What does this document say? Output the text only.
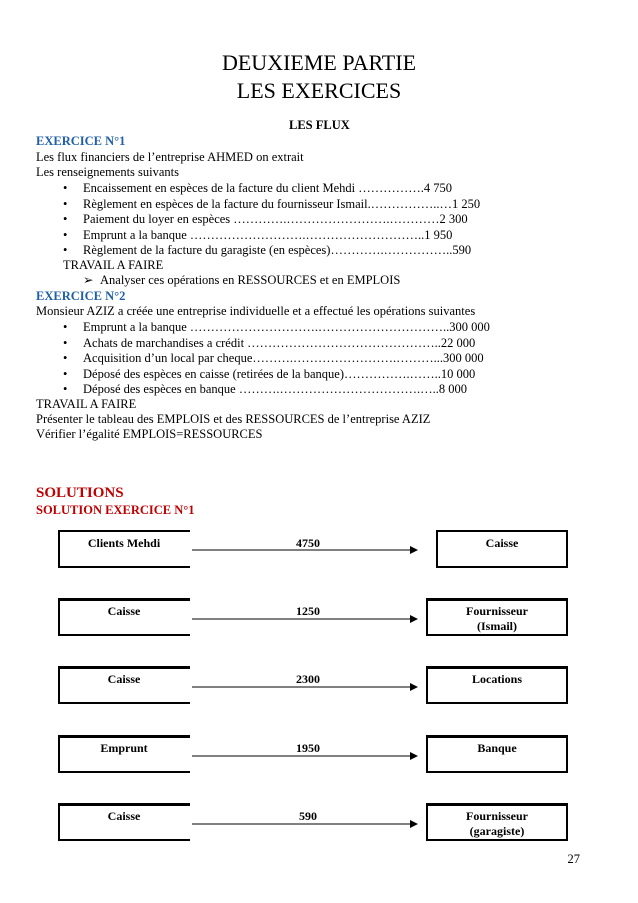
DEUXIEME PARTIE
LES EXERCICES
LES FLUX
EXERCICE N°1
Les flux financiers de l’entreprise AHMED on extrait
Les renseignements suivants
• Encaissement en espèces de la facture du client Mehdi …………….4 750
• Règlement en espèces de la facture du fournisseur Ismail.……………..…1 250
• Paiement du loyer en espèces ………….…………………….…………2 300
• Emprunt a la banque ……………………….………………………..1 950
• Règlement de la facture du garagiste (en espèces)………….……………..590
TRAVAIL A FAIRE
➢ Analyser ces opérations en RESSOURCES et en EMPLOIS
EXERCICE N°2
Monsieur AZIZ a créée une entreprise individuelle et a effectué les opérations suivantes
• Emprunt a la banque ………………………….…………………………..300 000
• Achats de marchandises a crédit ………………………………………..22 000
• Acquisition d’un local par cheque……….…………………….………...300 000
• Déposé des espèces en caisse (retirées de la banque)…………….……..10 000
• Déposé des espèces en banque ……….…………………………….…..8 000
TRAVAIL A FAIRE
Présenter le tableau des EMPLOIS et des RESSOURCES de l’entreprise AZIZ
Vérifier l’égalité EMPLOIS=RESSOURCES
SOLUTIONS
SOLUTION EXERCICE N°1
Clients Mehdi	4750	Caisse

Caisse	1250	Fournisseur
(Ismail)
Caisse	2300	Locations

Emprunt	1950	Banque

Caisse	590	Fournisseur
(garagiste)
27
